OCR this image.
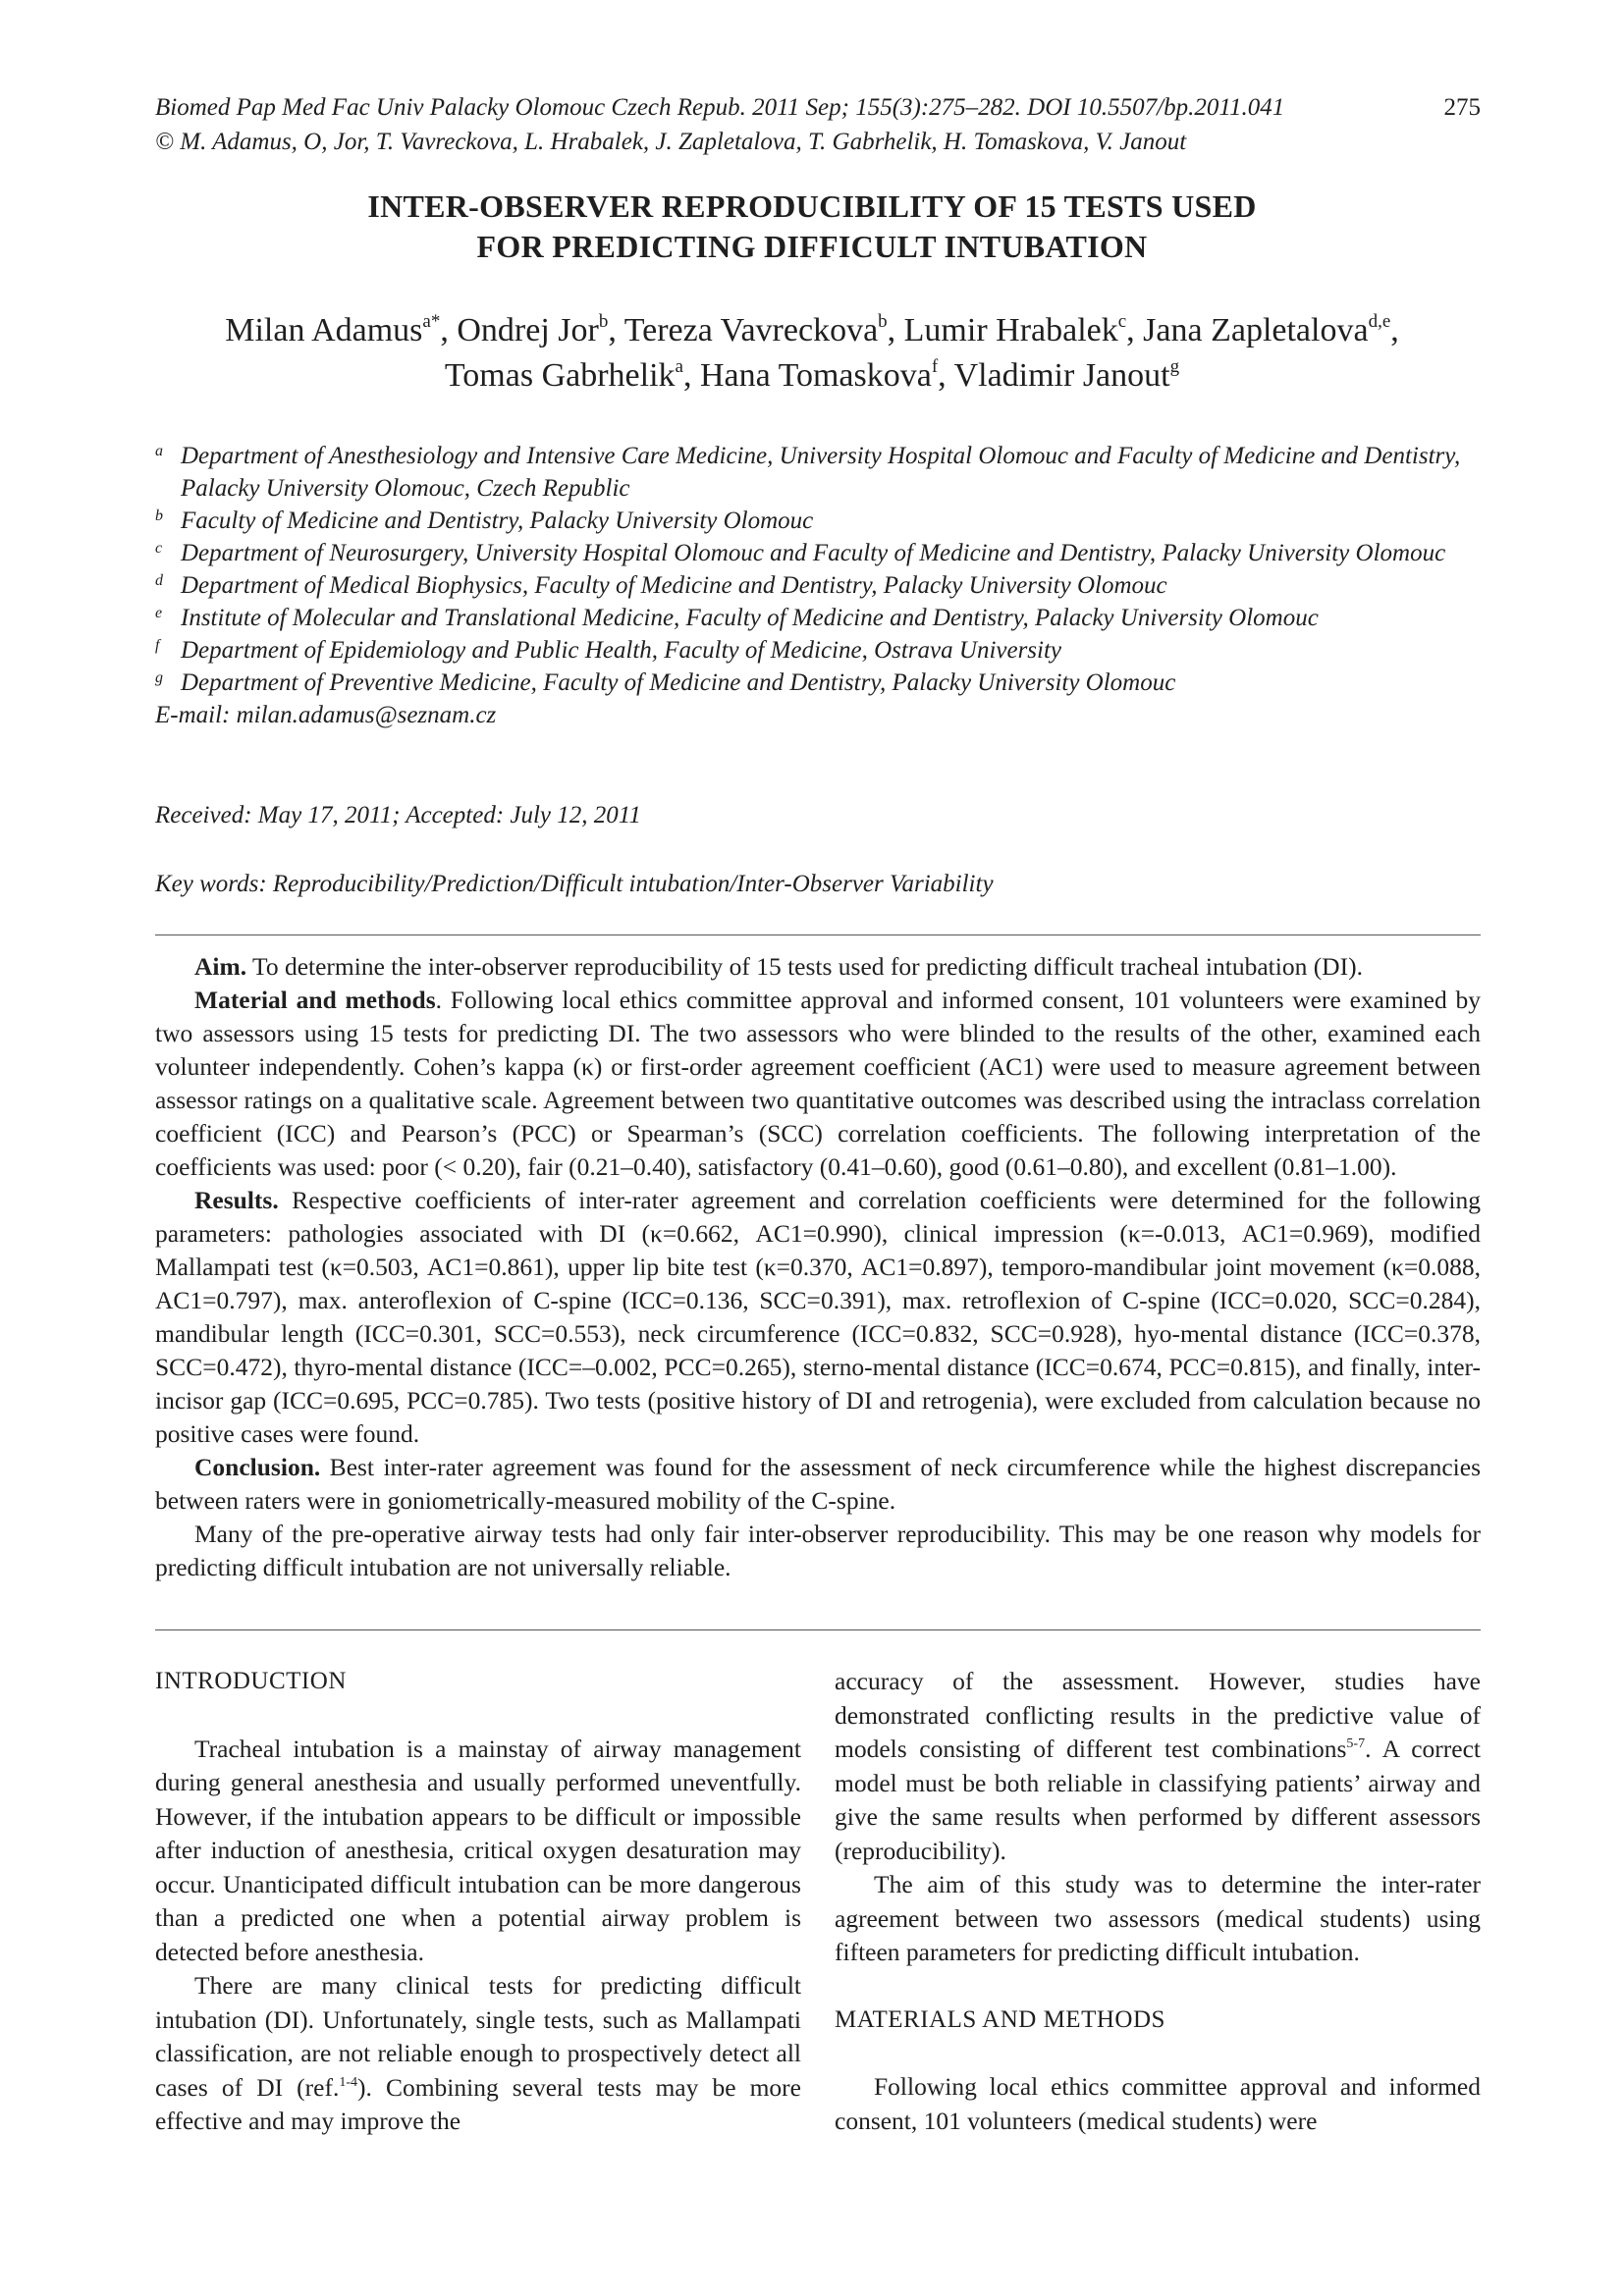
Biomed Pap Med Fac Univ Palacky Olomouc Czech Repub. 2011 Sep; 155(3):275–282. DOI 10.5507/bp.2011.041
© M. Adamus, O, Jor, T. Vavreckova, L. Hrabalek, J. Zapletalova, T. Gabrhelik, H. Tomaskova, V. Janout
275
INTER-OBSERVER REPRODUCIBILITY OF 15 TESTS USED
FOR PREDICTING DIFFICULT INTUBATION
Milan Adamus$^{a*}$, Ondrej Jor$^b$, Tereza Vavreckova$^b$, Lumir Hrabalek$^c$, Jana Zapletalova$^{d,e}$,
Tomas Gabrhelik$^a$, Hana Tomaskova$^f$, Vladimir Janout$^g$
a Department of Anesthesiology and Intensive Care Medicine, University Hospital Olomouc and Faculty of Medicine and Dentistry, Palacky University Olomouc, Czech Republic
b Faculty of Medicine and Dentistry, Palacky University Olomouc
c Department of Neurosurgery, University Hospital Olomouc and Faculty of Medicine and Dentistry, Palacky University Olomouc
d Department of Medical Biophysics, Faculty of Medicine and Dentistry, Palacky University Olomouc
e Institute of Molecular and Translational Medicine, Faculty of Medicine and Dentistry, Palacky University Olomouc
f Department of Epidemiology and Public Health, Faculty of Medicine, Ostrava University
g Department of Preventive Medicine, Faculty of Medicine and Dentistry, Palacky University Olomouc
E-mail: milan.adamus@seznam.cz
Received: May 17, 2011; Accepted: July 12, 2011
Key words: Reproducibility/Prediction/Difficult intubation/Inter-Observer Variability

Aim. To determine the inter-observer reproducibility of 15 tests used for predicting difficult tracheal intubation (DI).

Material and methods. Following local ethics committee approval and informed consent, 101 volunteers were examined by two assessors using 15 tests for predicting DI. The two assessors who were blinded to the results of the other, examined each volunteer independently. Cohen’s kappa (κ) or first-order agreement coefficient (AC1) were used to measure agreement between assessor ratings on a qualitative scale. Agreement between two quantitative outcomes was described using the intraclass correlation coefficient (ICC) and Pearson’s (PCC) or Spearman’s (SCC) correlation coefficients. The following interpretation of the coefficients was used: poor (< 0.20), fair (0.21–0.40), satisfactory (0.41–0.60), good (0.61–0.80), and excellent (0.81–1.00).

Results. Respective coefficients of inter-rater agreement and correlation coefficients were determined for the following parameters: pathologies associated with DI (κ=0.662, AC1=0.990), clinical impression (κ=-0.013, AC1=0.969), modified Mallampati test (κ=0.503, AC1=0.861), upper lip bite test (κ=0.370, AC1=0.897), temporo-mandibular joint movement (κ=0.088, AC1=0.797), max. anteroflexion of C-spine (ICC=0.136, SCC=0.391), max. retroflexion of C-spine (ICC=0.020, SCC=0.284), mandibular length (ICC=0.301, SCC=0.553), neck circumference (ICC=0.832, SCC=0.928), hyo-mental distance (ICC=0.378, SCC=0.472), thyro-mental distance (ICC=–0.002, PCC=0.265), sterno-mental distance (ICC=0.674, PCC=0.815), and finally, inter-incisor gap (ICC=0.695, PCC=0.785). Two tests (positive history of DI and retrogenia), were excluded from calculation because no positive cases were found.

Conclusion. Best inter-rater agreement was found for the assessment of neck circumference while the highest discrepancies between raters were in goniometrically-measured mobility of the C-spine.

Many of the pre-operative airway tests had only fair inter-observer reproducibility. This may be one reason why models for predicting difficult intubation are not universally reliable.

INTRODUCTION

Tracheal intubation is a mainstay of airway management during general anesthesia and usually performed uneventfully. However, if the intubation appears to be difficult or impossible after induction of anesthesia, critical oxygen desaturation may occur. Unanticipated difficult intubation can be more dangerous than a predicted one when a potential airway problem is detected before anesthesia.

There are many clinical tests for predicting difficult intubation (DI). Unfortunately, single tests, such as Mallampati classification, are not reliable enough to prospectively detect all cases of DI (ref.$^{1-4}$). Combining several tests may be more effective and may improve the

accuracy of the assessment. However, studies have demonstrated conflicting results in the predictive value of models consisting of different test combinations$^{5-7}$. A correct model must be both reliable in classifying patients’ airway and give the same results when performed by different assessors (reproducibility).

The aim of this study was to determine the inter-rater agreement between two assessors (medical students) using fifteen parameters for predicting difficult intubation.

MATERIALS AND METHODS

Following local ethics committee approval and informed consent, 101 volunteers (medical students) were
